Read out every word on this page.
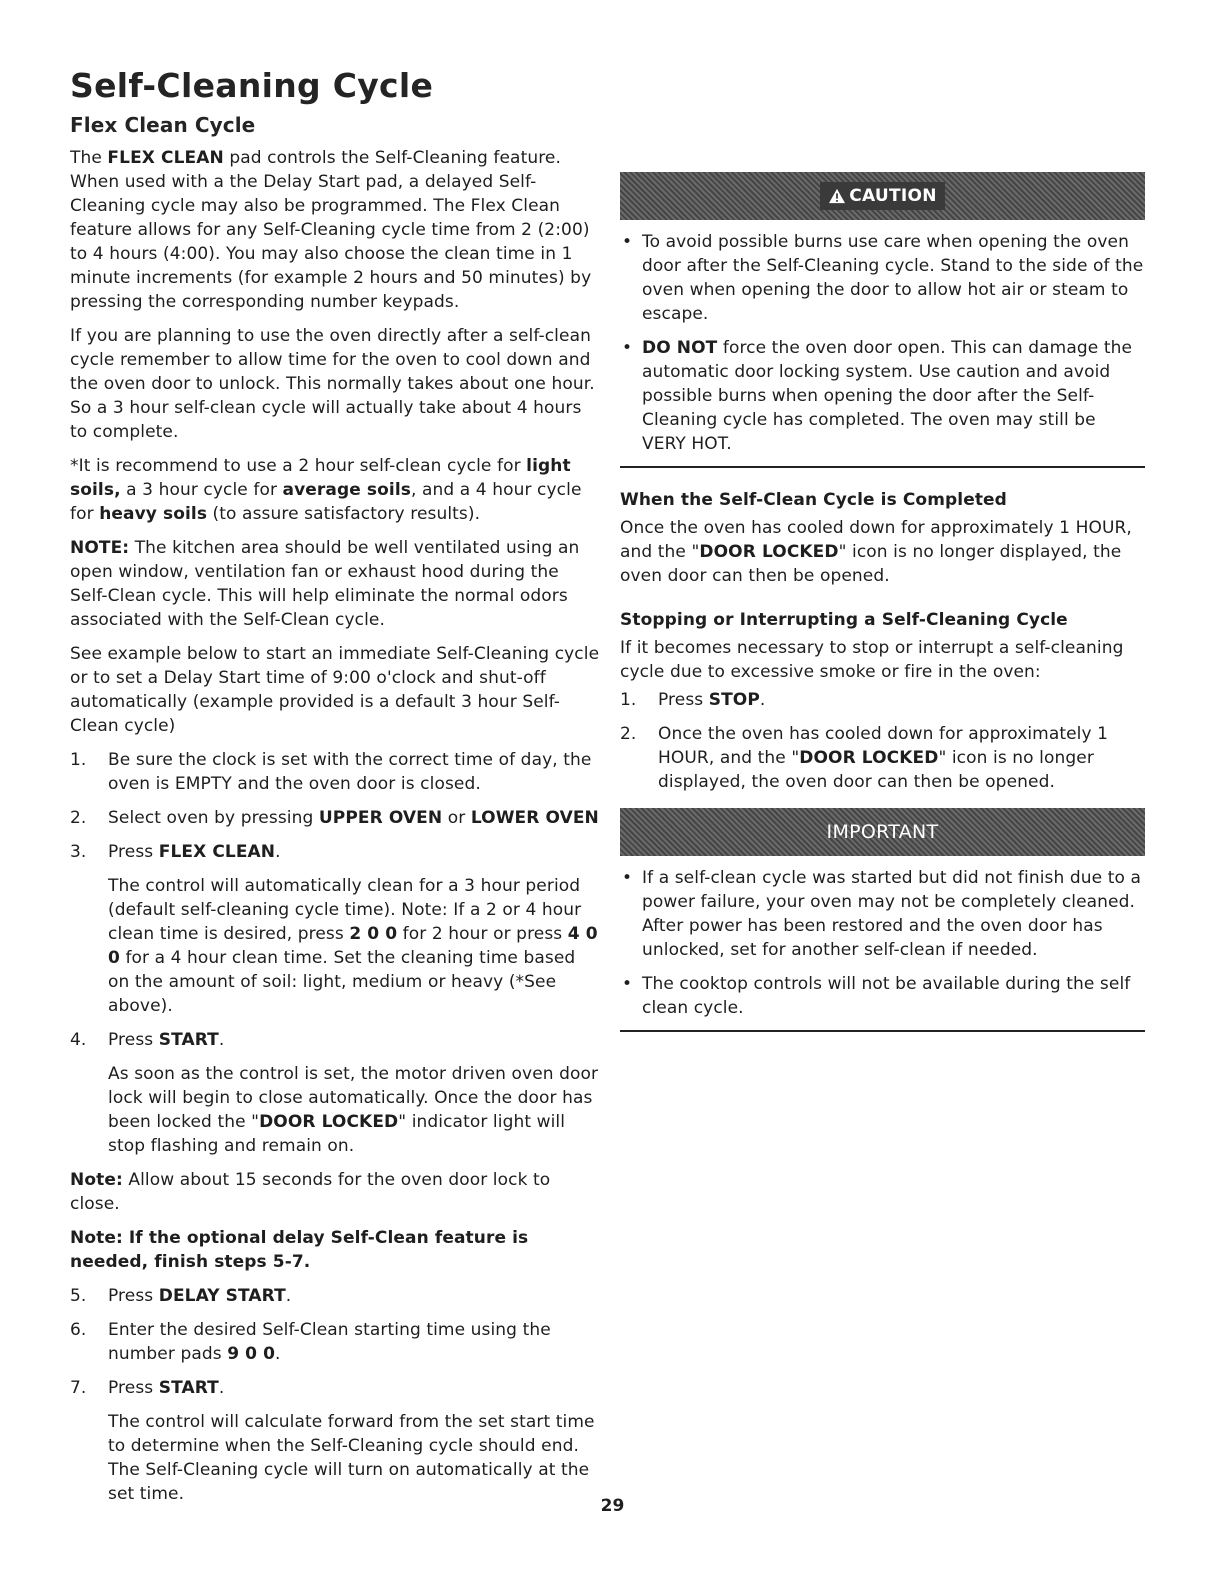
Self-Cleaning Cycle
Flex Clean Cycle

The FLEX CLEAN pad controls the Self-Cleaning feature. When used with a the Delay Start pad, a delayed Self-Cleaning cycle may also be programmed. The Flex Clean feature allows for any Self-Cleaning cycle time from 2 (2:00) to 4 hours (4:00). You may also choose the clean time in 1 minute increments (for example 2 hours and 50 minutes) by pressing the corresponding number keypads.

If you are planning to use the oven directly after a self-clean cycle remember to allow time for the oven to cool down and the oven door to unlock. This normally takes about one hour. So a 3 hour self-clean cycle will actually take about 4 hours to complete.

*It is recommend to use a 2 hour self-clean cycle for light soils, a 3 hour cycle for average soils, and a 4 hour cycle for heavy soils (to assure satisfactory results).

NOTE: The kitchen area should be well ventilated using an open window, ventilation fan or exhaust hood during the Self-Clean cycle. This will help eliminate the normal odors associated with the Self-Clean cycle.

See example below to start an immediate Self-Cleaning cycle or to set a Delay Start time of 9:00 o'clock and shut-off automatically (example provided is a default 3 hour Self-Clean cycle)

1. Be sure the clock is set with the correct time of day, the oven is EMPTY and the oven door is closed.
2. Select oven by pressing UPPER OVEN or LOWER OVEN
3. Press FLEX CLEAN.
The control will automatically clean for a 3 hour period (default self-cleaning cycle time). Note: If a 2 or 4 hour clean time is desired, press 2 0 0 for 2 hour or press 4 0 0 for a 4 hour clean time. Set the cleaning time based on the amount of soil: light, medium or heavy (*See above).
4. Press START.
As soon as the control is set, the motor driven oven door lock will begin to close automatically. Once the door has been locked the "DOOR LOCKED" indicator light will stop flashing and remain on.

Note: Allow about 15 seconds for the oven door lock to close.

Note: If the optional delay Self-Clean feature is needed, finish steps 5-7.

5. Press DELAY START.
6. Enter the desired Self-Clean starting time using the number pads 9 0 0.
7. Press START.
The control will calculate forward from the set start time to determine when the Self-Cleaning cycle should end. The Self-Cleaning cycle will turn on automatically at the set time.
CAUTION
• To avoid possible burns use care when opening the oven door after the Self-Cleaning cycle. Stand to the side of the oven when opening the door to allow hot air or steam to escape.
• DO NOT force the oven door open. This can damage the automatic door locking system. Use caution and avoid possible burns when opening the door after the Self-Cleaning cycle has completed. The oven may still be VERY HOT.
When the Self-Clean Cycle is Completed

Once the oven has cooled down for approximately 1 HOUR, and the "DOOR LOCKED" icon is no longer displayed, the oven door can then be opened.

Stopping or Interrupting a Self-Cleaning Cycle

If it becomes necessary to stop or interrupt a self-cleaning cycle due to excessive smoke or fire in the oven:

1. Press STOP.
2. Once the oven has cooled down for approximately 1 HOUR, and the "DOOR LOCKED" icon is no longer displayed, the oven door can then be opened.
IMPORTANT
• If a self-clean cycle was started but did not finish due to a power failure, your oven may not be completely cleaned. After power has been restored and the oven door has unlocked, set for another self-clean if needed.
• The cooktop controls will not be available during the self clean cycle.
29
